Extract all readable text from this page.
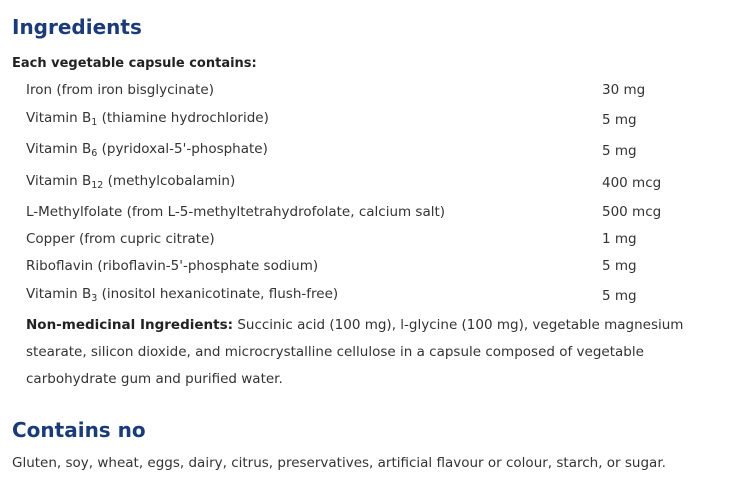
Ingredients
Each vegetable capsule contains:
Iron (from iron bisglycinate)	30 mg
Vitamin $B_1$ (thiamine hydrochloride)	5 mg
Vitamin $B_6$ (pyridoxal-5'-phosphate)	5 mg
Vitamin $B_{12}$ (methylcobalamin)	400 mcg
L-Methylfolate (from L-5-methyltetrahydrofolate, calcium salt)	500 mcg
Copper (from cupric citrate)	1 mg
Riboflavin (riboflavin-5'-phosphate sodium)	5 mg
Vitamin $B_3$ (inositol hexanicotinate, flush-free)	5 mg
Non-medicinal Ingredients: Succinic acid (100 mg), l-glycine (100 mg), vegetable magnesium stearate, silicon dioxide, and microcrystalline cellulose in a capsule composed of vegetable carbohydrate gum and purified water.
Contains no
Gluten, soy, wheat, eggs, dairy, citrus, preservatives, artificial flavour or colour, starch, or sugar.
